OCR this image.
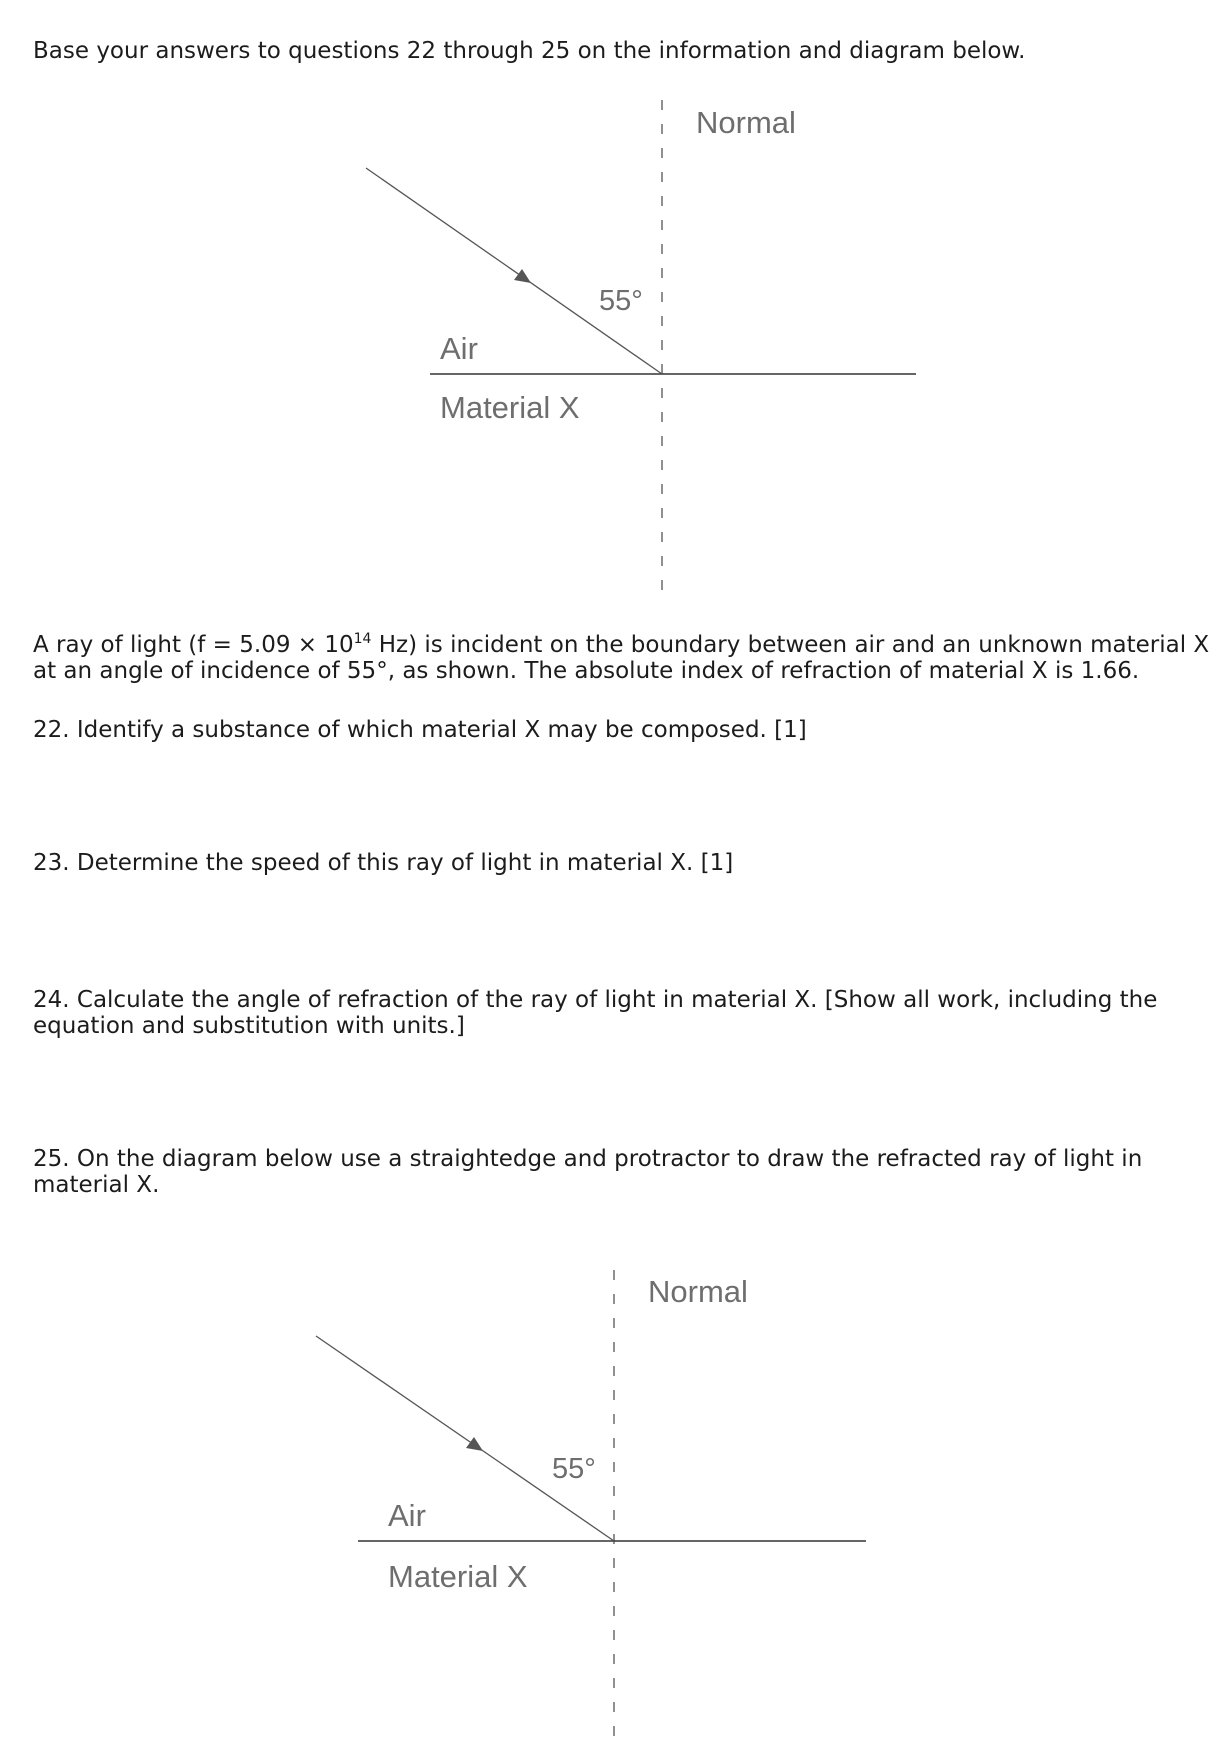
Base your answers to questions 22 through 25 on the information and diagram below.

Normal
55°
Air
Material X

A ray of light ($f = 5.09 \times 10^{14}$ Hz) is incident on the boundary between air and an unknown material X at an angle of incidence of 55°, as shown. The absolute index of refraction of material X is 1.66.

22. Identify a substance of which material X may be composed. [1]

23. Determine the speed of this ray of light in material X. [1]

24. Calculate the angle of refraction of the ray of light in material X. [Show all work, including the equation and substitution with units.]

25. On the diagram below use a straightedge and protractor to draw the refracted ray of light in material X.

Normal
55°
Air
Material X
